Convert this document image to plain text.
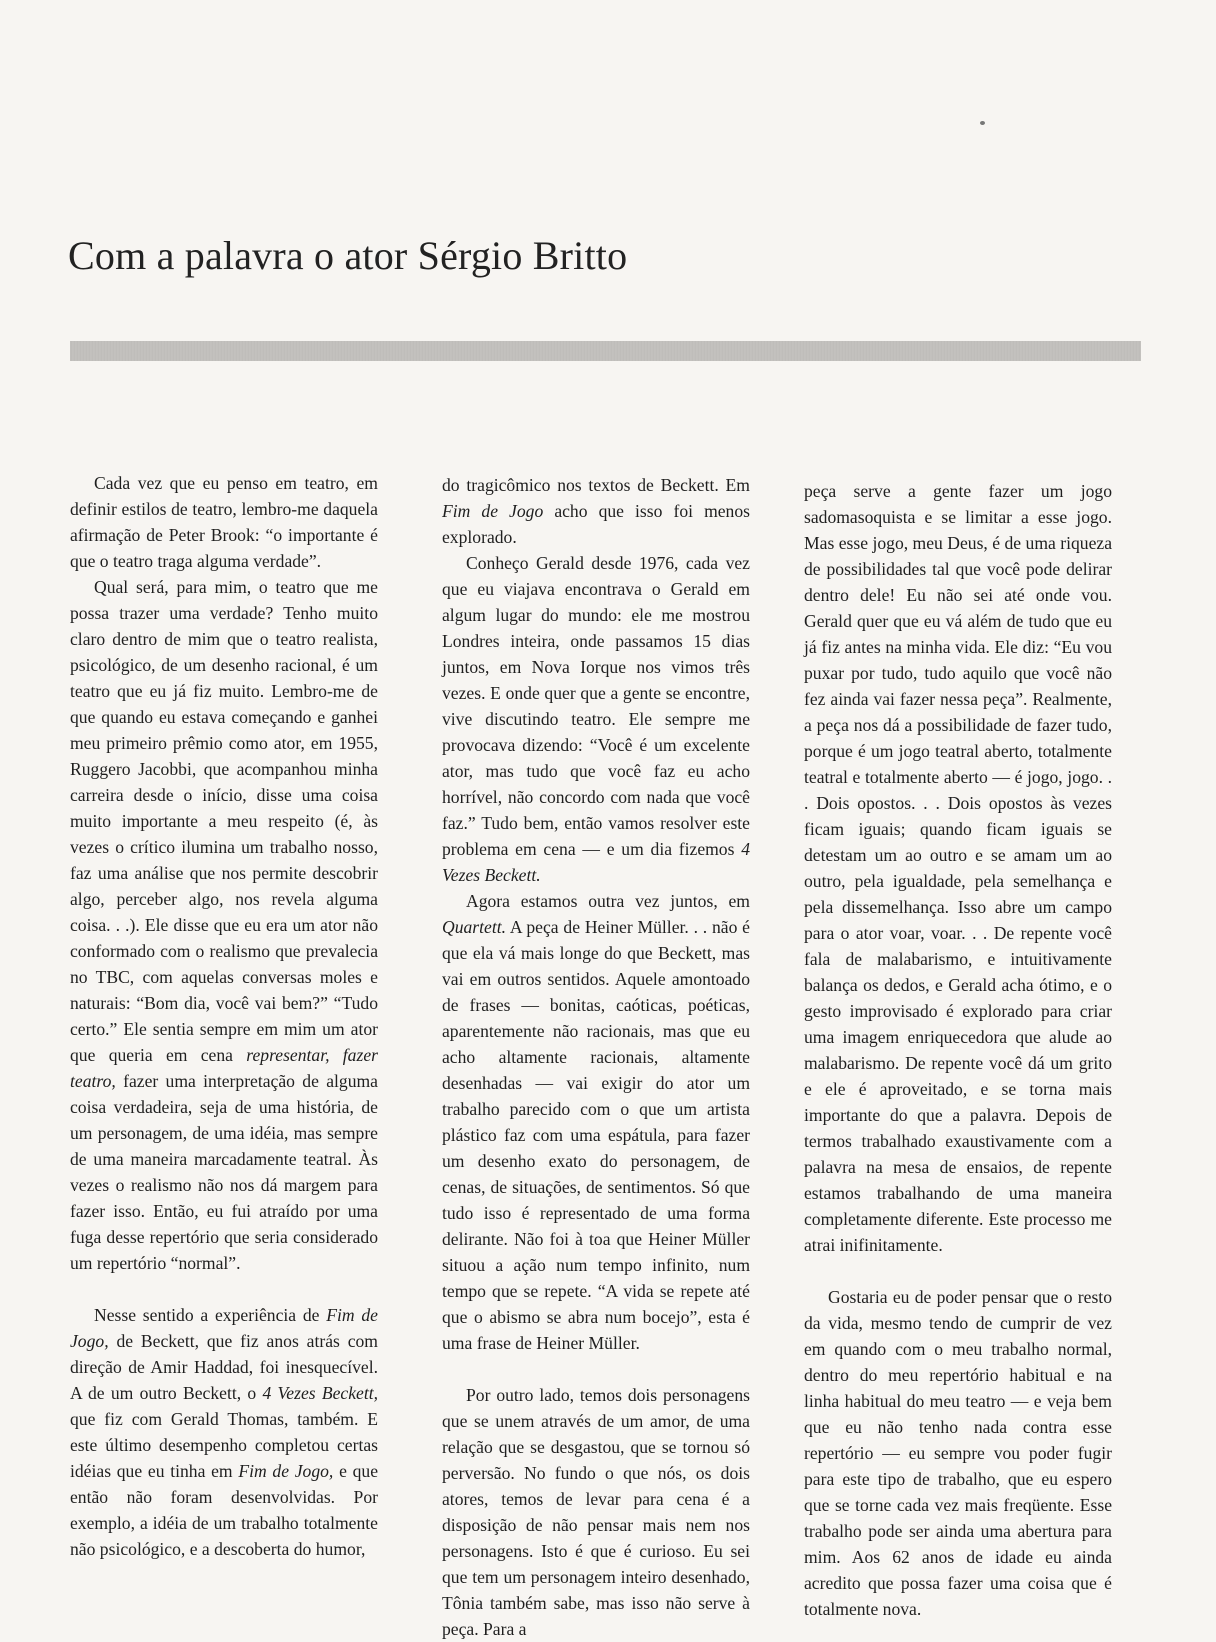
Com a palavra o ator Sérgio Britto

Cada vez que eu penso em teatro, em definir estilos de teatro, lembro-me daquela afirmação de Peter Brook: “o importante é que o teatro traga alguma verdade”.

Qual será, para mim, o teatro que me possa trazer uma verdade? Tenho muito claro dentro de mim que o teatro realista, psicológico, de um desenho racional, é um teatro que eu já fiz muito. Lembro-me de que quando eu estava começando e ganhei meu primeiro prêmio como ator, em 1955, Ruggero Jacobbi, que acompanhou minha carreira desde o início, disse uma coisa muito importante a meu respeito (é, às vezes o crítico ilumina um trabalho nosso, faz uma análise que nos permite descobrir algo, perceber algo, nos revela alguma coisa. . .). Ele disse que eu era um ator não conformado com o realismo que prevalecia no TBC, com aquelas conversas moles e naturais: “Bom dia, você vai bem?” “Tudo certo.” Ele sentia sempre em mim um ator que queria em cena representar, fazer teatro, fazer uma interpretação de alguma coisa verdadeira, seja de uma história, de um personagem, de uma idéia, mas sempre de uma maneira marcadamente teatral. Às vezes o realismo não nos dá margem para fazer isso. Então, eu fui atraído por uma fuga desse repertório que seria considerado um repertório “normal”.

Nesse sentido a experiência de Fim de Jogo, de Beckett, que fiz anos atrás com direção de Amir Haddad, foi inesquecível. A de um outro Beckett, o 4 Vezes Beckett, que fiz com Gerald Thomas, também. E este último desempenho completou certas idéias que eu tinha em Fim de Jogo, e que então não foram desenvolvidas. Por exemplo, a idéia de um trabalho totalmente não psicológico, e a descoberta do humor,

do tragicômico nos textos de Beckett. Em Fim de Jogo acho que isso foi menos explorado.

Conheço Gerald desde 1976, cada vez que eu viajava encontrava o Gerald em algum lugar do mundo: ele me mostrou Londres inteira, onde passamos 15 dias juntos, em Nova Iorque nos vimos três vezes. E onde quer que a gente se encontre, vive discutindo teatro. Ele sempre me provocava dizendo: “Você é um excelente ator, mas tudo que você faz eu acho horrível, não concordo com nada que você faz.” Tudo bem, então vamos resolver este problema em cena — e um dia fizemos 4 Vezes Beckett.

Agora estamos outra vez juntos, em Quartett. A peça de Heiner Müller. . . não é que ela vá mais longe do que Beckett, mas vai em outros sentidos. Aquele amontoado de frases — bonitas, caóticas, poéticas, aparentemente não racionais, mas que eu acho altamente racionais, altamente desenhadas — vai exigir do ator um trabalho parecido com o que um artista plástico faz com uma espátula, para fazer um desenho exato do personagem, de cenas, de situações, de sentimentos. Só que tudo isso é representado de uma forma delirante. Não foi à toa que Heiner Müller situou a ação num tempo infinito, num tempo que se repete. “A vida se repete até que o abismo se abra num bocejo”, esta é uma frase de Heiner Müller.

Por outro lado, temos dois personagens que se unem através de um amor, de uma relação que se desgastou, que se tornou só perversão. No fundo o que nós, os dois atores, temos de levar para cena é a disposição de não pensar mais nem nos personagens. Isto é que é curioso. Eu sei que tem um personagem inteiro desenhado, Tônia também sabe, mas isso não serve à peça. Para a

peça serve a gente fazer um jogo sadomasoquista e se limitar a esse jogo. Mas esse jogo, meu Deus, é de uma riqueza de possibilidades tal que você pode delirar dentro dele! Eu não sei até onde vou. Gerald quer que eu vá além de tudo que eu já fiz antes na minha vida. Ele diz: “Eu vou puxar por tudo, tudo aquilo que você não fez ainda vai fazer nessa peça”. Realmente, a peça nos dá a possibilidade de fazer tudo, porque é um jogo teatral aberto, totalmente teatral e totalmente aberto — é jogo, jogo. . . Dois opostos. . . Dois opostos às vezes ficam iguais; quando ficam iguais se detestam um ao outro e se amam um ao outro, pela igualdade, pela semelhança e pela dissemelhança. Isso abre um campo para o ator voar, voar. . . De repente você fala de malabarismo, e intuitivamente balança os dedos, e Gerald acha ótimo, e o gesto improvisado é explorado para criar uma imagem enriquecedora que alude ao malabarismo. De repente você dá um grito e ele é aproveitado, e se torna mais importante do que a palavra. Depois de termos trabalhado exaustivamente com a palavra na mesa de ensaios, de repente estamos trabalhando de uma maneira completamente diferente. Este processo me atrai inifinitamente.

Gostaria eu de poder pensar que o resto da vida, mesmo tendo de cumprir de vez em quando com o meu trabalho normal, dentro do meu repertório habitual e na linha habitual do meu teatro — e veja bem que eu não tenho nada contra esse repertório — eu sempre vou poder fugir para este tipo de trabalho, que eu espero que se torne cada vez mais freqüente. Esse trabalho pode ser ainda uma abertura para mim. Aos 62 anos de idade eu ainda acredito que possa fazer uma coisa que é totalmente nova.
